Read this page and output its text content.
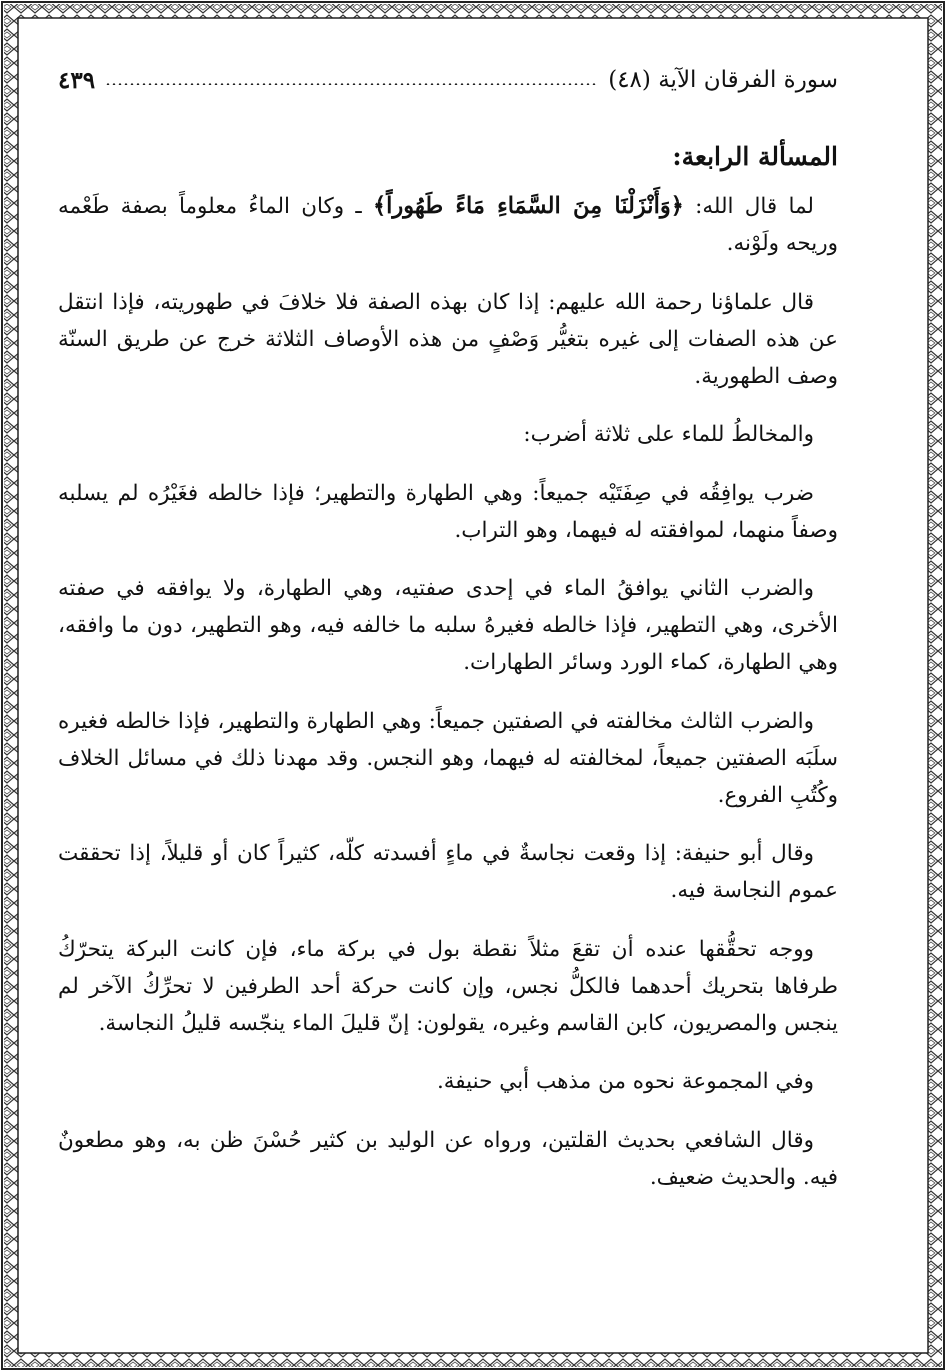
سورة الفرقان الآية (٤٨)
٤٣٩
المسألة الرابعة:

لما قال الله: ﴿وَأَنْزَلْنَا مِنَ السَّمَاءِ مَاءً طَهُوراً﴾ ـ وكان الماءُ معلوماً بصفة طَعْمه وريحه ولَوْنه.

قال علماؤنا رحمة الله عليهم: إذا كان بهذه الصفة فلا خلافَ في طهوريته، فإذا انتقل عن هذه الصفات إلى غيره بتغيُّر وَصْفٍ من هذه الأوصاف الثلاثة خرج عن طريق السنّة وصف الطهورية.

والمخالطُ للماء على ثلاثة أضرب:

ضرب يوافِقُه في صِفَتَيْه جميعاً: وهي الطهارة والتطهير؛ فإذا خالطه فغَيْرُه لم يسلبه وصفاً منهما، لموافقته له فيهما، وهو التراب.

والضرب الثاني يوافقُ الماء في إحدى صفتيه، وهي الطهارة، ولا يوافقه في صفته الأخرى، وهي التطهير، فإذا خالطه فغيرهُ سلبه ما خالفه فيه، وهو التطهير، دون ما وافقه، وهي الطهارة، كماء الورد وسائر الطهارات.

والضرب الثالث مخالفته في الصفتين جميعاً: وهي الطهارة والتطهير، فإذا خالطه فغيره سلَبَه الصفتين جميعاً، لمخالفته له فيهما، وهو النجس. وقد مهدنا ذلك في مسائل الخلاف وكُتُبِ الفروع.

وقال أبو حنيفة: إذا وقعت نجاسةٌ في ماءٍ أفسدته كلّه، كثيراً كان أو قليلاً، إذا تحققت عموم النجاسة فيه.

ووجه تحقُّقها عنده أن تقعَ مثلاً نقطة بول في بركة ماء، فإن كانت البركة يتحرّكُ طرفاها بتحريك أحدهما فالكلُّ نجس، وإن كانت حركة أحد الطرفين لا تحرِّكُ الآخر لم ينجس والمصريون، كابن القاسم وغيره، يقولون: إنّ قليلَ الماء ينجّسه قليلُ النجاسة.

وفي المجموعة نحوه من مذهب أبي حنيفة.

وقال الشافعي بحديث القلتين، ورواه عن الوليد بن كثير حُسْنَ ظن به، وهو مطعونٌ فيه. والحديث ضعيف.
